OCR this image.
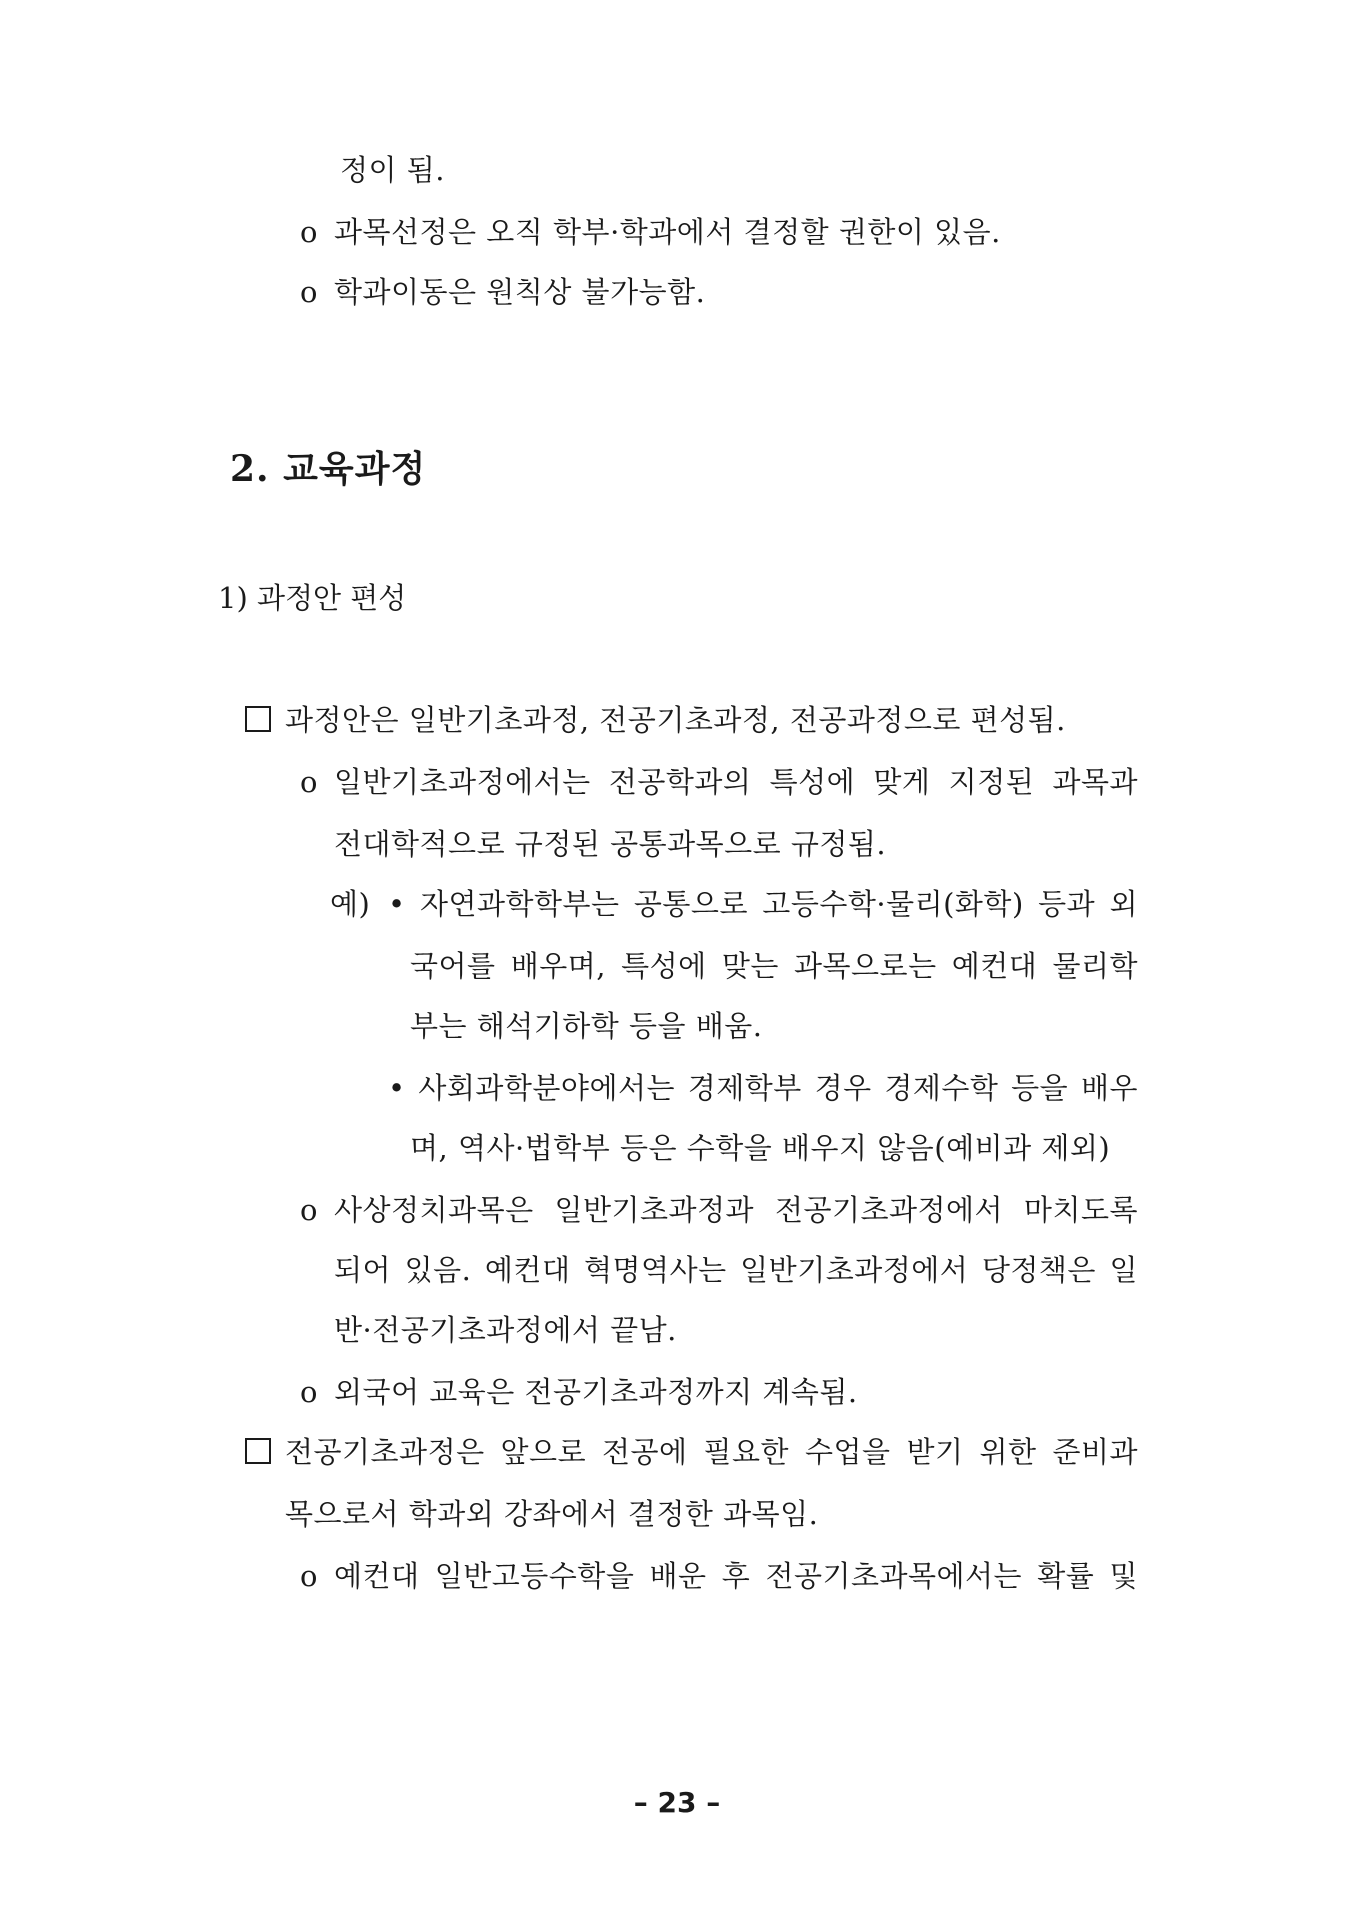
정이 됨.
o 과목선정은 오직 학부·학과에서 결정할 권한이 있음.
o 학과이동은 원칙상 불가능함.
2. 교육과정
1) 과정안 편성
과정안은 일반기초과정, 전공기초과정, 전공과정으로 편성됨.
o 일반기초과정에서는 전공학과의 특성에 맞게 지정된 과목과
전대학적으로 규정된 공통과목으로 규정됨.
예) • 자연과학학부는 공통으로 고등수학·물리(화학) 등과 외
국어를 배우며, 특성에 맞는 과목으로는 예컨대 물리학
부는 해석기하학 등을 배움.
• 사회과학분야에서는 경제학부 경우 경제수학 등을 배우
며, 역사·법학부 등은 수학을 배우지 않음(예비과 제외)
o 사상정치과목은 일반기초과정과 전공기초과정에서 마치도록
되어 있음. 예컨대 혁명역사는 일반기초과정에서 당정책은 일
반·전공기초과정에서 끝남.
o 외국어 교육은 전공기초과정까지 계속됨.
전공기초과정은 앞으로 전공에 필요한 수업을 받기 위한 준비과
목으로서 학과외 강좌에서 결정한 과목임.
o 예컨대 일반고등수학을 배운 후 전공기초과목에서는 확률 및
– 23 –
